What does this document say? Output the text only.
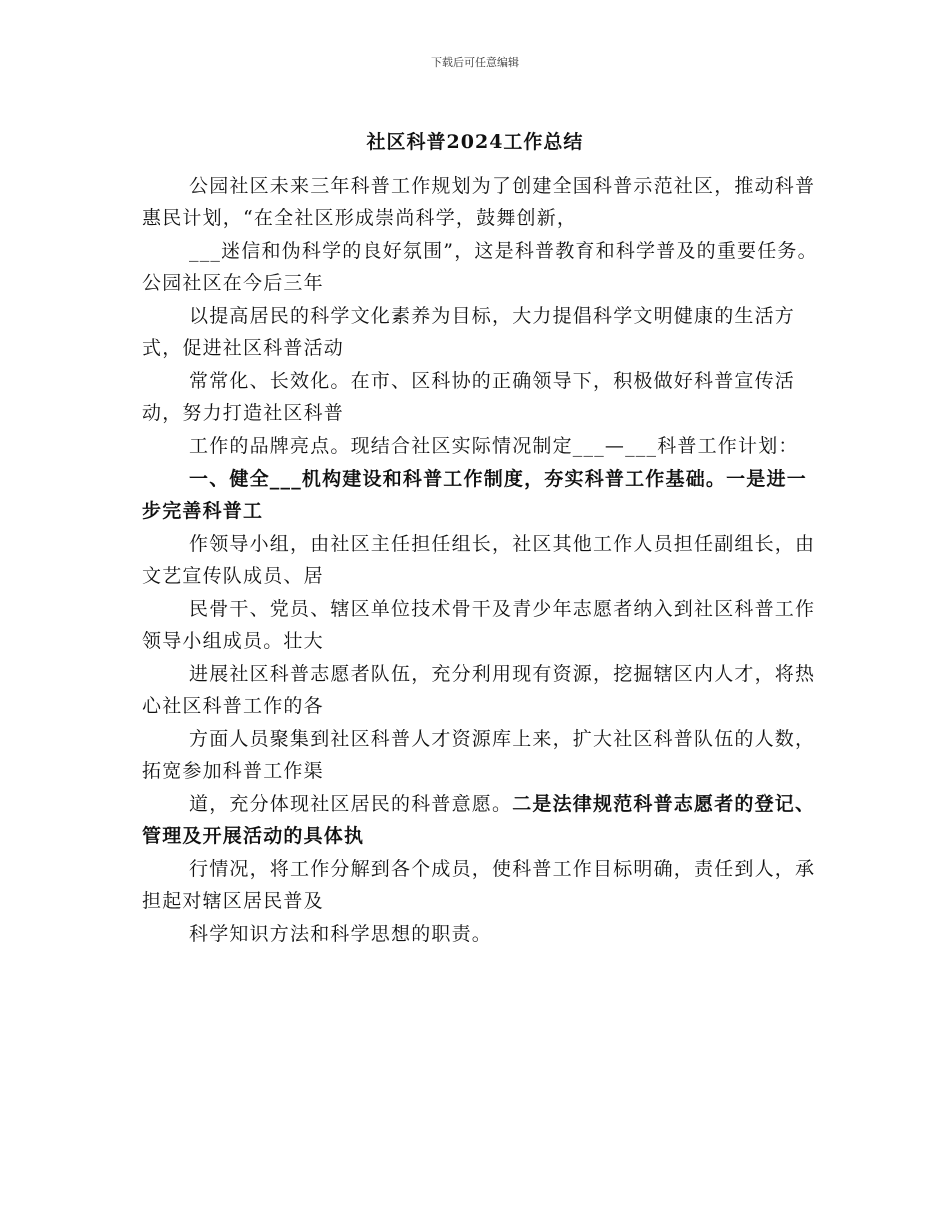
下载后可任意编辑
社区科普2024工作总结

公园社区未来三年科普工作规划为了创建全国科普示范社区，推动科普惠民计划，“在全社区形成崇尚科学，鼓舞创新，

___迷信和伪科学的良好氛围”，这是科普教育和科学普及的重要任务。公园社区在今后三年

以提高居民的科学文化素养为目标，大力提倡科学文明健康的生活方式，促进社区科普活动

常常化、长效化。在市、区科协的正确领导下，积极做好科普宣传活动，努力打造社区科普

工作的品牌亮点。现结合社区实际情况制定___—___科普工作计划：

一、健全___机构建设和科普工作制度，夯实科普工作基础。一是进一步完善科普工

作领导小组，由社区主任担任组长，社区其他工作人员担任副组长，由文艺宣传队成员、居

民骨干、党员、辖区单位技术骨干及青少年志愿者纳入到社区科普工作领导小组成员。壮大

进展社区科普志愿者队伍，充分利用现有资源，挖掘辖区内人才，将热心社区科普工作的各

方面人员聚集到社区科普人才资源库上来，扩大社区科普队伍的人数，拓宽参加科普工作渠

道，充分体现社区居民的科普意愿。二是法律规范科普志愿者的登记、管理及开展活动的具体执

行情况，将工作分解到各个成员，使科普工作目标明确，责任到人，承担起对辖区居民普及

科学知识方法和科学思想的职责。
